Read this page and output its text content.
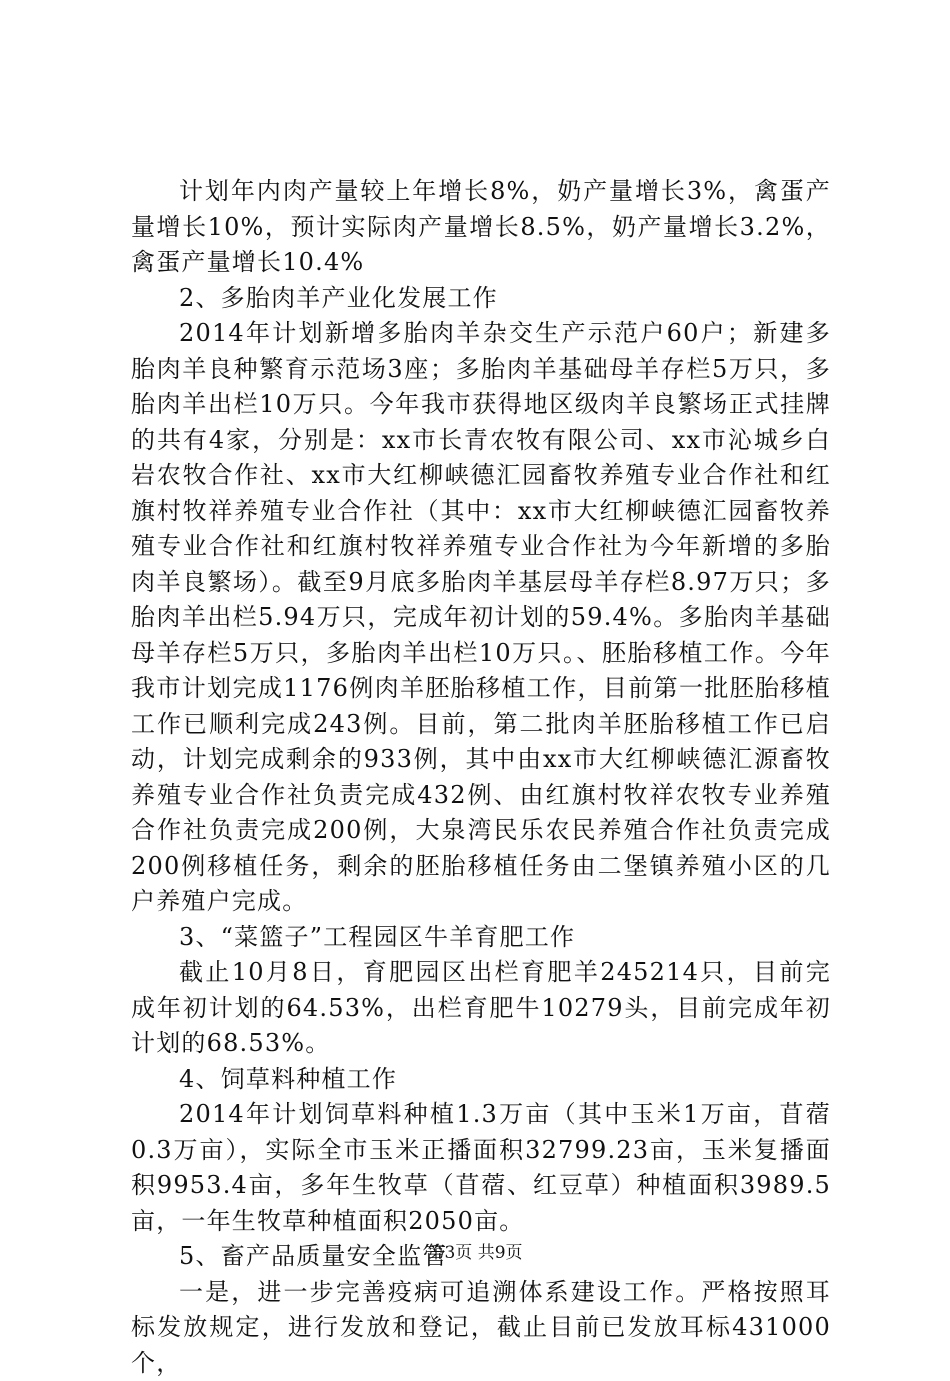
计划年内肉产量较上年增长8%，奶产量增长3%，禽蛋产量增长10%，预计实际肉产量增长8.5%，奶产量增长3.2%，禽蛋产量增长10.4%

2、多胎肉羊产业化发展工作

2014年计划新增多胎肉羊杂交生产示范户60户；新建多胎肉羊良种繁育示范场3座；多胎肉羊基础母羊存栏5万只，多胎肉羊出栏10万只。今年我市获得地区级肉羊良繁场正式挂牌的共有4家，分别是：xx市长青农牧有限公司、xx市沁城乡白岩农牧合作社、xx市大红柳峡德汇园畜牧养殖专业合作社和红旗村牧祥养殖专业合作社（其中：xx市大红柳峡德汇园畜牧养殖专业合作社和红旗村牧祥养殖专业合作社为今年新增的多胎肉羊良繁场）。截至9月底多胎肉羊基层母羊存栏8.97万只；多胎肉羊出栏5.94万只，完成年初计划的59.4%。多胎肉羊基础母羊存栏5万只，多胎肉羊出栏10万只。、胚胎移植工作。今年我市计划完成1176例肉羊胚胎移植工作，目前第一批胚胎移植工作已顺利完成243例。目前，第二批肉羊胚胎移植工作已启动，计划完成剩余的933例，其中由xx市大红柳峡德汇源畜牧养殖专业合作社负责完成432例、由红旗村牧祥农牧专业养殖合作社负责完成200例，大泉湾民乐农民养殖合作社负责完成200例移植任务，剩余的胚胎移植任务由二堡镇养殖小区的几户养殖户完成。

3、“菜篮子”工程园区牛羊育肥工作

截止10月8日，育肥园区出栏育肥羊245214只，目前完成年初计划的64.53%，出栏育肥牛10279头，目前完成年初计划的68.53%。

4、饲草料种植工作

2014年计划饲草料种植1.3万亩（其中玉米1万亩，苜蓿0.3万亩），实际全市玉米正播面积32799.23亩，玉米复播面积9953.4亩，多年生牧草（苜蓿、红豆草）种植面积3989.5亩，一年生牧草种植面积2050亩。

5、畜产品质量安全监管

一是，进一步完善疫病可追溯体系建设工作。严格按照耳标发放规定，进行发放和登记，截止目前已发放耳标431000个，

第3页 共9页
